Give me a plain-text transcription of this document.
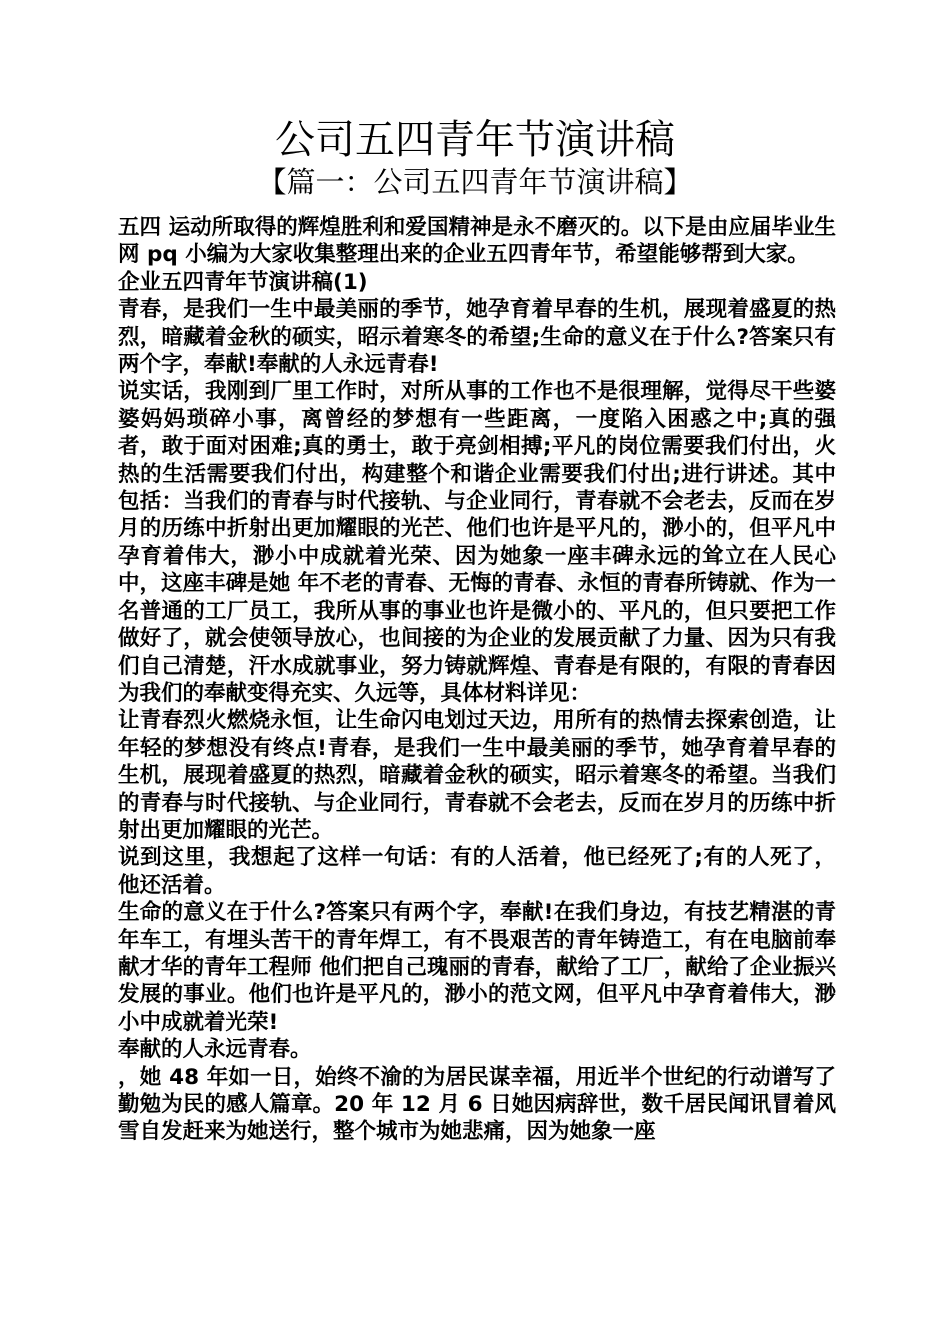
公司五四青年节演讲稿
【篇一：公司五四青年节演讲稿】

五四 运动所取得的辉煌胜利和爱国精神是永不磨灭的。以下是由应届毕业生网 pq 小编为大家收集整理出来的企业五四青年节，希望能够帮到大家。

企业五四青年节演讲稿(1)

青春，是我们一生中最美丽的季节，她孕育着早春的生机，展现着盛夏的热烈，暗藏着金秋的硕实，昭示着寒冬的希望;生命的意义在于什么?答案只有两个字，奉献!奉献的人永远青春!

说实话，我刚到厂里工作时，对所从事的工作也不是很理解，觉得尽干些婆婆妈妈琐碎小事，离曾经的梦想有一些距离，一度陷入困惑之中;真的强者，敢于面对困难;真的勇士，敢于亮剑相搏;平凡的岗位需要我们付出，火热的生活需要我们付出，构建整个和谐企业需要我们付出;进行讲述。其中包括：当我们的青春与时代接轨、与企业同行，青春就不会老去，反而在岁月的历练中折射出更加耀眼的光芒、他们也许是平凡的，渺小的，但平凡中孕育着伟大，渺小中成就着光荣、因为她象一座丰碑永远的耸立在人民心中，这座丰碑是她 年不老的青春、无悔的青春、永恒的青春所铸就、作为一名普通的工厂员工，我所从事的事业也许是微小的、平凡的，但只要把工作做好了，就会使领导放心，也间接的为企业的发展贡献了力量、因为只有我们自己清楚，汗水成就事业，努力铸就辉煌、青春是有限的，有限的青春因为我们的奉献变得充实、久远等，具体材料详见：

让青春烈火燃烧永恒，让生命闪电划过天边，用所有的热情去探索创造，让年轻的梦想没有终点!青春，是我们一生中最美丽的季节，她孕育着早春的生机，展现着盛夏的热烈，暗藏着金秋的硕实，昭示着寒冬的希望。当我们的青春与时代接轨、与企业同行，青春就不会老去，反而在岁月的历练中折射出更加耀眼的光芒。

说到这里，我想起了这样一句话：有的人活着，他已经死了;有的人死了，他还活着。

生命的意义在于什么?答案只有两个字，奉献!在我们身边，有技艺精湛的青年车工，有埋头苦干的青年焊工，有不畏艰苦的青年铸造工，有在电脑前奉献才华的青年工程师 他们把自己瑰丽的青春，献给了工厂，献给了企业振兴发展的事业。他们也许是平凡的，渺小的范文网，但平凡中孕育着伟大，渺小中成就着光荣!

奉献的人永远青春。

，她 48 年如一日，始终不渝的为居民谋幸福，用近半个世纪的行动谱写了勤勉为民的感人篇章。20 年 12 月 6 日她因病辞世，数千居民闻讯冒着风雪自发赶来为她送行，整个城市为她悲痛，因为她象一座
